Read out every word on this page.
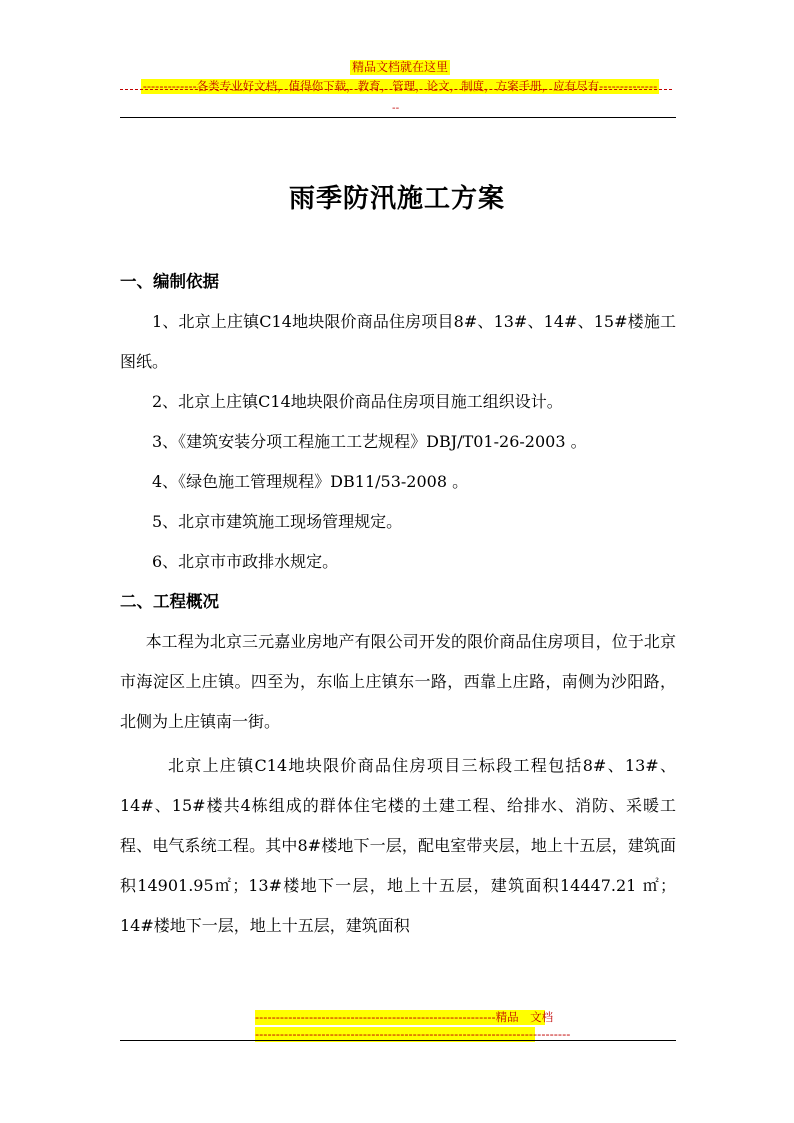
精品文档就在这里
-------------各类专业好文档，值得你下载，教育，管理，论文，制度，方案手册，应有尽有--------------
--
雨季防汛施工方案
一、编制依据
1、北京上庄镇C14地块限价商品住房项目8#、13#、14#、15#楼施工图纸。
2、北京上庄镇C14地块限价商品住房项目施工组织设计。
3、《建筑安装分项工程施工工艺规程》DBJ/T01-26-2003 。
4、《绿色施工管理规程》DB11/53-2008 。
5、北京市建筑施工现场管理规定。
6、北京市市政排水规定。
二、工程概况
本工程为北京三元嘉业房地产有限公司开发的限价商品住房项目，位于北京市海淀区上庄镇。四至为，东临上庄镇东一路，西靠上庄路，南侧为沙阳路，北侧为上庄镇南一街。
北京上庄镇C14地块限价商品住房项目三标段工程包括8#、13#、14#、15#楼共4栋组成的群体住宅楼的土建工程、给排水、消防、采暖工程、电气系统工程。其中8#楼地下一层，配电室带夹层，地上十五层，建筑面积14901.95㎡；13#楼地下一层，地上十五层，建筑面积14447.21 ㎡；14#楼地下一层，地上十五层，建筑面积
----------------------------------------------------------精品　文档
----------------------------------------------------------------------------
